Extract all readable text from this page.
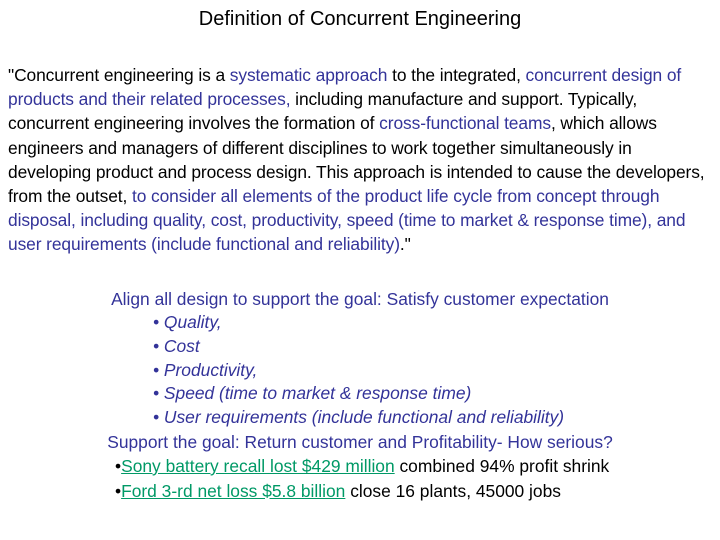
Definition of Concurrent Engineering
"Concurrent engineering is a systematic approach to the integrated, concurrent design of products and their related processes, including manufacture and support. Typically, concurrent engineering involves the formation of cross-functional teams, which allows engineers and managers of different disciplines to work together simultaneously in developing product and process design. This approach is intended to cause the developers, from the outset, to consider all elements of the product life cycle from concept through disposal, including quality, cost, productivity, speed (time to market & response time), and user requirements (include functional and reliability)."
Align all design to support the goal: Satisfy customer expectation
• Quality,
• Cost
• Productivity,
• Speed (time to market & response time)
• User requirements (include functional and reliability)
Support the goal: Return customer and Profitability- How serious?
•Sony battery recall lost $429 million combined 94% profit shrink
•Ford 3-rd net loss $5.8 billion close 16 plants, 45000 jobs
